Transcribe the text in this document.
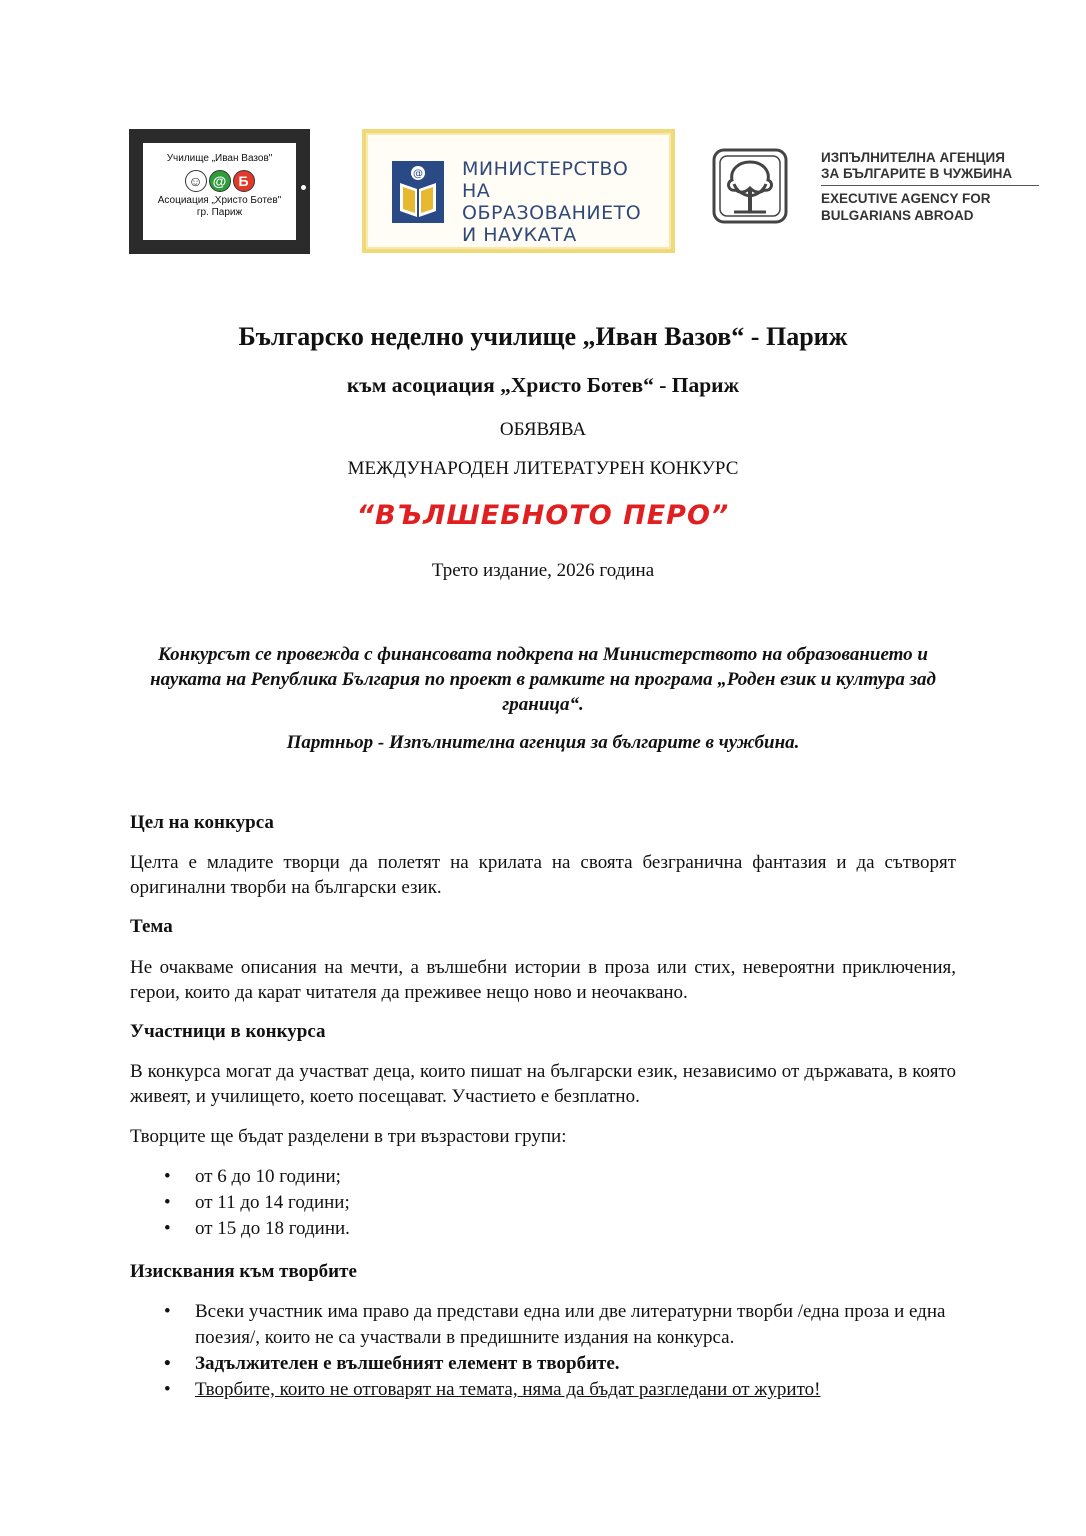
Училище „Иван Вазов"
☺ @ Б
Асоциация „Христо Ботев"
гр. Париж
@ МИНИСТЕРСТВО
НА ОБРАЗОВАНИЕТО
И НАУКАТА
ИЗПЪЛНИТЕЛНА АГЕНЦИЯ
ЗА БЪЛГАРИТЕ В ЧУЖБИНА
EXECUTIVE AGENCY FOR
BULGARIANS ABROAD
Българско неделно училище „Иван Вазов“ - Париж
към асоциация „Христо Ботев“ - Париж
ОБЯВЯВА
МЕЖДУНАРОДЕН ЛИТЕРАТУРЕН КОНКУРС
“ВЪЛШЕБНОТО ПЕРО”
Трето издание, 2026 година
Конкурсът се провежда с финансовата подкрепа на Министерството на образованието и науката на Република България по проект в рамките на програма „Роден език и култура зад граница“.
Партньор - Изпълнителна агенция за българите в чужбина.
Цел на конкурса
Целта е младите творци да полетят на крилата на своята безгранична фантазия и да сътворят оригинални творби на български език.
Тема
Не очакваме описания на мечти, а вълшебни истории в проза или стих, невероятни приключения, герои, които да карат читателя да преживее нещо ново и неочаквано.
Участници в конкурса
В конкурса могат да участват деца, които пишат на български език, независимо от държавата, в която живеят, и училището, което посещават. Участието е безплатно.
Творците ще бъдат разделени в три възрастови групи:
• от 6 до 10 години;
• от 11 до 14 години;
• от 15 до 18 години.
Изисквания към творбите
• Всеки участник има право да представи една или две литературни творби /една проза и една поезия/, които не са участвали в предишните издания на конкурса.
• Задължителен е вълшебният елемент в творбите.
• Творбите, които не отговарят на темата, няма да бъдат разгледани от журито!
